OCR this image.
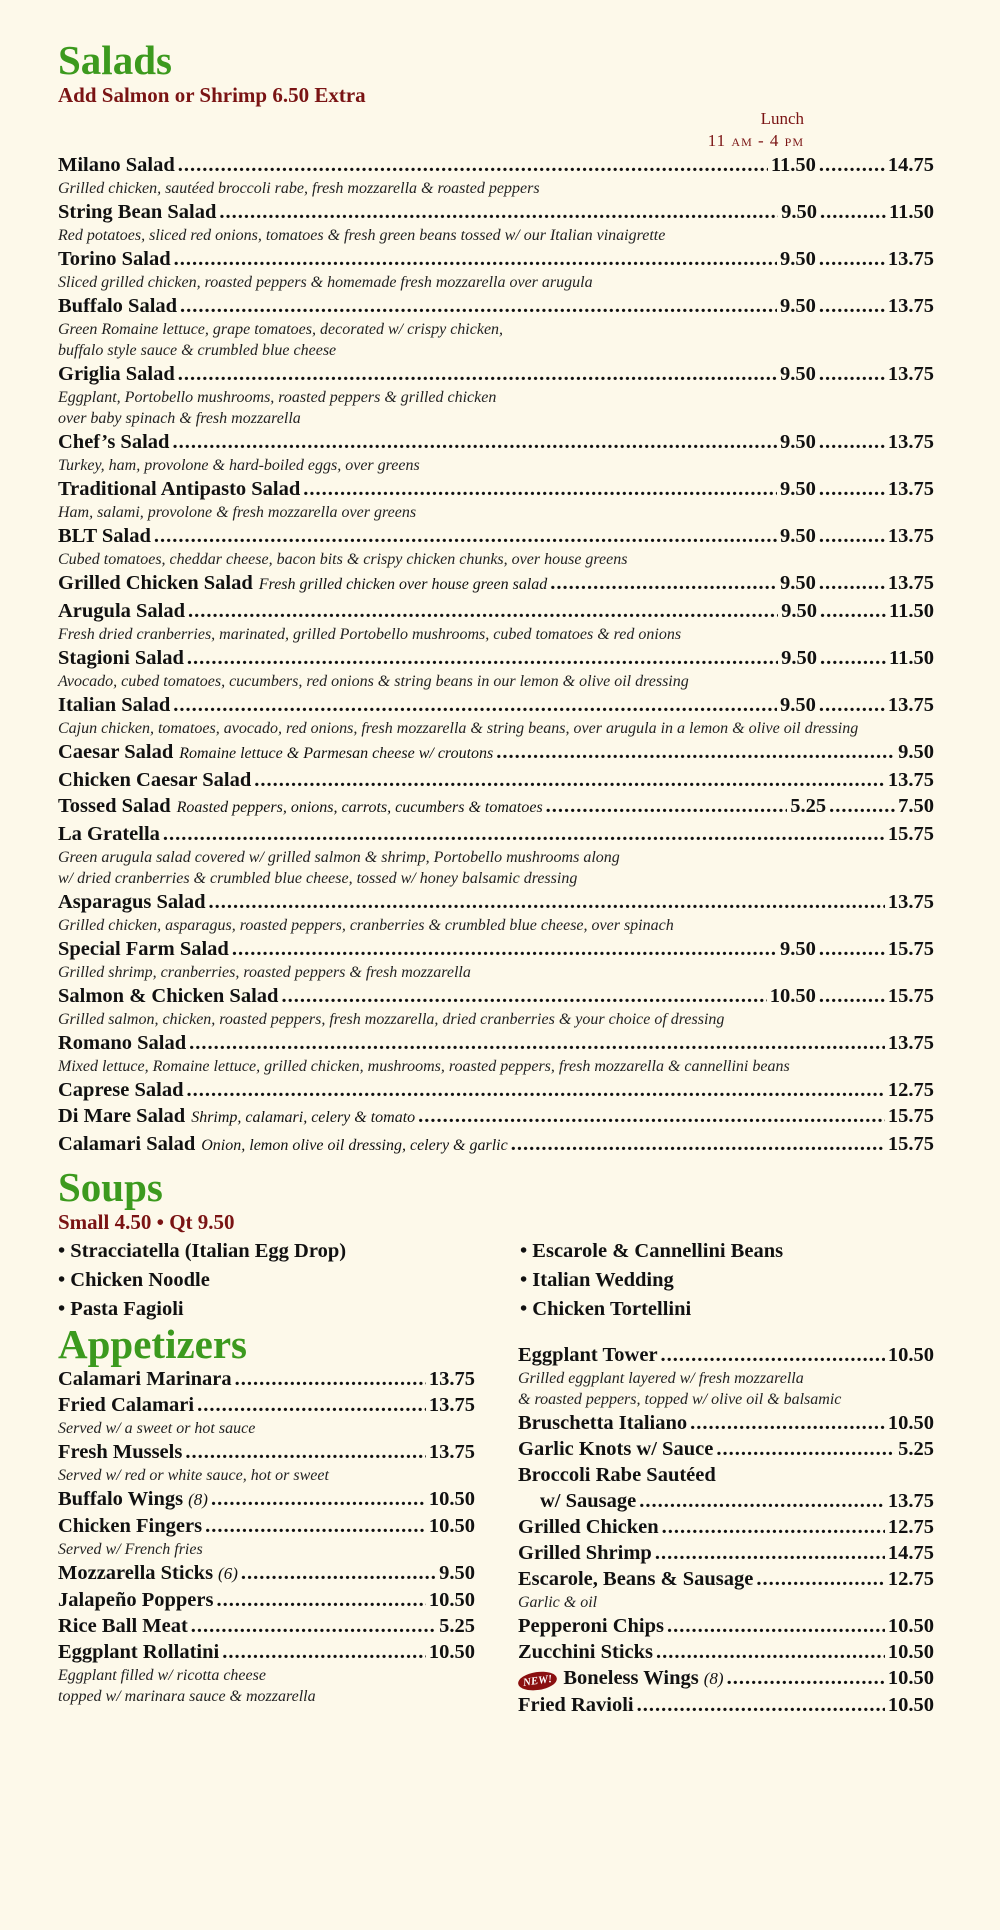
Salads
Add Salmon or Shrimp 6.50 Extra
Lunch
11 am - 4 pm
Milano Salad .....	11.50 .....	14.75
Grilled chicken, sautéed broccoli rabe, fresh mozzarella & roasted peppers
String Bean Salad .....	9.50 .....	11.50
Red potatoes, sliced red onions, tomatoes & fresh green beans tossed w/ our Italian vinaigrette
Torino Salad .....	9.50 .....	13.75
Sliced grilled chicken, roasted peppers & homemade fresh mozzarella over arugula
Buffalo Salad .....	9.50 .....	13.75
Green Romaine lettuce, grape tomatoes, decorated w/ crispy chicken,
buffalo style sauce & crumbled blue cheese
Griglia Salad .....	9.50 .....	13.75
Eggplant, Portobello mushrooms, roasted peppers & grilled chicken
over baby spinach & fresh mozzarella
Chef’s Salad .....	9.50 .....	13.75
Turkey, ham, provolone & hard-boiled eggs, over greens
Traditional Antipasto Salad .....	9.50 .....	13.75
Ham, salami, provolone & fresh mozzarella over greens
BLT Salad .....	9.50 .....	13.75
Cubed tomatoes, cheddar cheese, bacon bits & crispy chicken chunks, over house greens
Grilled Chicken Salad Fresh grilled chicken over house green salad .....	9.50 .....	13.75
Arugula Salad .....	9.50 .....	11.50
Fresh dried cranberries, marinated, grilled Portobello mushrooms, cubed tomatoes & red onions
Stagioni Salad .....	9.50 .....	11.50
Avocado, cubed tomatoes, cucumbers, red onions & string beans in our lemon & olive oil dressing
Italian Salad .....	9.50 .....	13.75
Cajun chicken, tomatoes, avocado, red onions, fresh mozzarella & string beans, over arugula in a lemon & olive oil dressing
Caesar Salad Romaine lettuce & Parmesan cheese w/ croutons .....	9.50
Chicken Caesar Salad .....	13.75
Tossed Salad Roasted peppers, onions, carrots, cucumbers & tomatoes .....	5.25 .....	7.50
La Gratella .....	15.75
Green arugula salad covered w/ grilled salmon & shrimp, Portobello mushrooms along
w/ dried cranberries & crumbled blue cheese, tossed w/ honey balsamic dressing
Asparagus Salad .....	13.75
Grilled chicken, asparagus, roasted peppers, cranberries & crumbled blue cheese, over spinach
Special Farm Salad .....	9.50 .....	15.75
Grilled shrimp, cranberries, roasted peppers & fresh mozzarella
Salmon & Chicken Salad .....	10.50 .....	15.75
Grilled salmon, chicken, roasted peppers, fresh mozzarella, dried cranberries & your choice of dressing
Romano Salad .....	13.75
Mixed lettuce, Romaine lettuce, grilled chicken, mushrooms, roasted peppers, fresh mozzarella & cannellini beans
Caprese Salad .....	12.75
Di Mare Salad Shrimp, calamari, celery & tomato .....	15.75
Calamari Salad Onion, lemon olive oil dressing, celery & garlic .....	15.75
Soups
Small 4.50 • Qt 9.50
• Stracciatella (Italian Egg Drop)
• Chicken Noodle
• Pasta Fagioli
• Escarole & Cannellini Beans
• Italian Wedding
• Chicken Tortellini
Appetizers
Calamari Marinara .....	13.75
Fried Calamari .....	13.75
Served w/ a sweet or hot sauce
Fresh Mussels .....	13.75
Served w/ red or white sauce, hot or sweet
Buffalo Wings (8) .....	10.50
Chicken Fingers .....	10.50
Served w/ French fries
Mozzarella Sticks (6) .....	9.50
Jalapeño Poppers .....	10.50
Rice Ball Meat .....	5.25
Eggplant Rollatini .....	10.50
Eggplant filled w/ ricotta cheese
topped w/ marinara sauce & mozzarella
Eggplant Tower .....	10.50
Grilled eggplant layered w/ fresh mozzarella
& roasted peppers, topped w/ olive oil & balsamic
Bruschetta Italiano .....	10.50
Garlic Knots w/ Sauce .....	5.25
Broccoli Rabe Sautéed
w/ Sausage .....	13.75
Grilled Chicken .....	12.75
Grilled Shrimp .....	14.75
Escarole, Beans & Sausage .....	12.75
Garlic & oil
Pepperoni Chips .....	10.50
Zucchini Sticks .....	10.50
NEW! Boneless Wings (8) .....	10.50
Fried Ravioli .....	10.50
